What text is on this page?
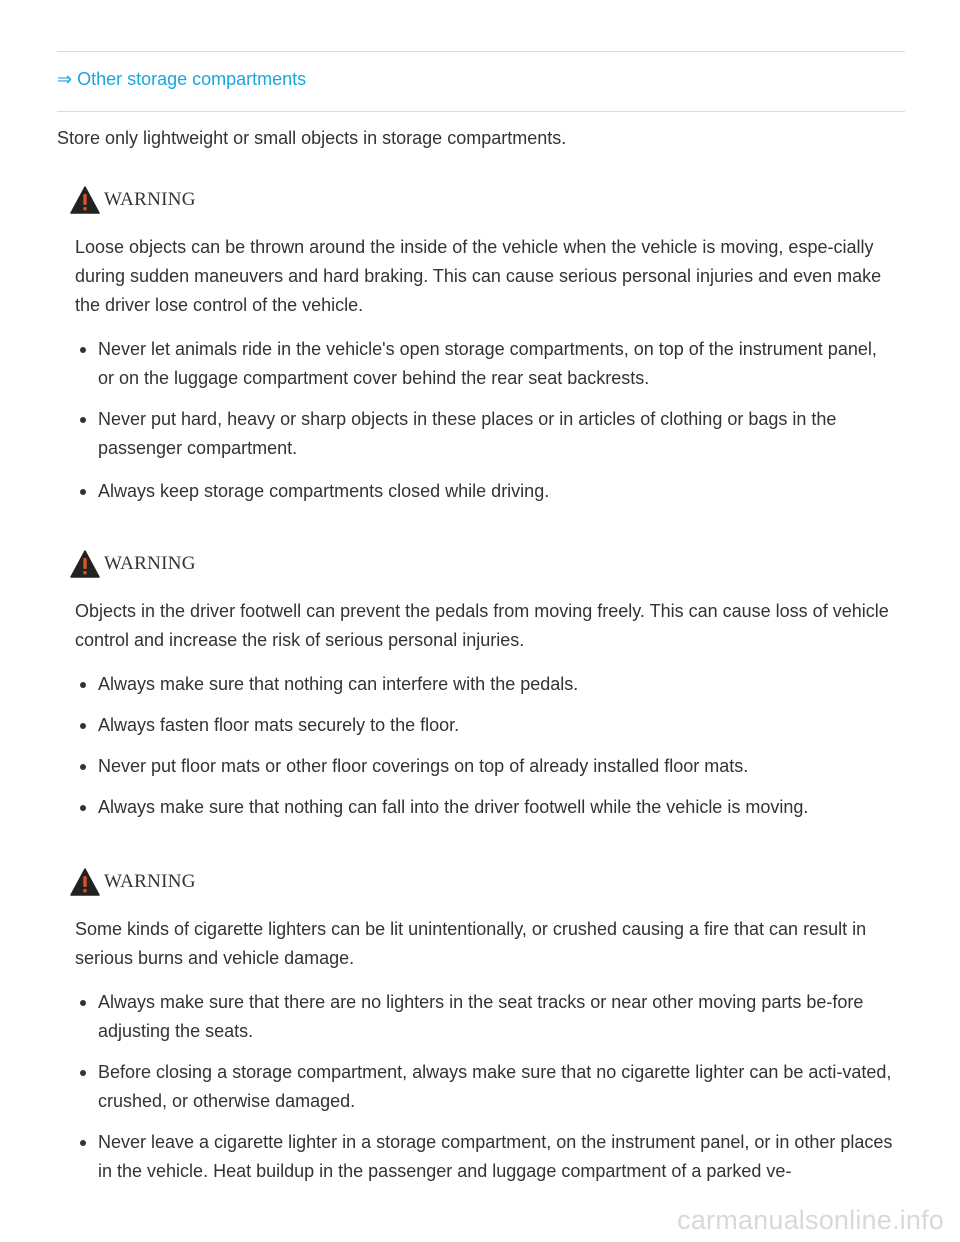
⇒ Other storage compartments
Store only lightweight or small objects in storage compartments.
WARNING

Loose objects can be thrown around the inside of the vehicle when the vehicle is moving, espe-cially during sudden maneuvers and hard braking. This can cause serious personal injuries and even make the driver lose control of the vehicle.

Never let animals ride in the vehicle's open storage compartments, on top of the instrument panel, or on the luggage compartment cover behind the rear seat backrests.
Never put hard, heavy or sharp objects in these places or in articles of clothing or bags in the passenger compartment.
Always keep storage compartments closed while driving.
WARNING

Objects in the driver footwell can prevent the pedals from moving freely. This can cause loss of vehicle control and increase the risk of serious personal injuries.

Always make sure that nothing can interfere with the pedals.
Always fasten floor mats securely to the floor.
Never put floor mats or other floor coverings on top of already installed floor mats.
Always make sure that nothing can fall into the driver footwell while the vehicle is moving.
WARNING

Some kinds of cigarette lighters can be lit unintentionally, or crushed causing a fire that can result in serious burns and vehicle damage.

Always make sure that there are no lighters in the seat tracks or near other moving parts be-fore adjusting the seats.
Before closing a storage compartment, always make sure that no cigarette lighter can be acti-vated, crushed, or otherwise damaged.
Never leave a cigarette lighter in a storage compartment, on the instrument panel, or in other places in the vehicle. Heat buildup in the passenger and luggage compartment of a parked ve-
carmanualsonline.info
